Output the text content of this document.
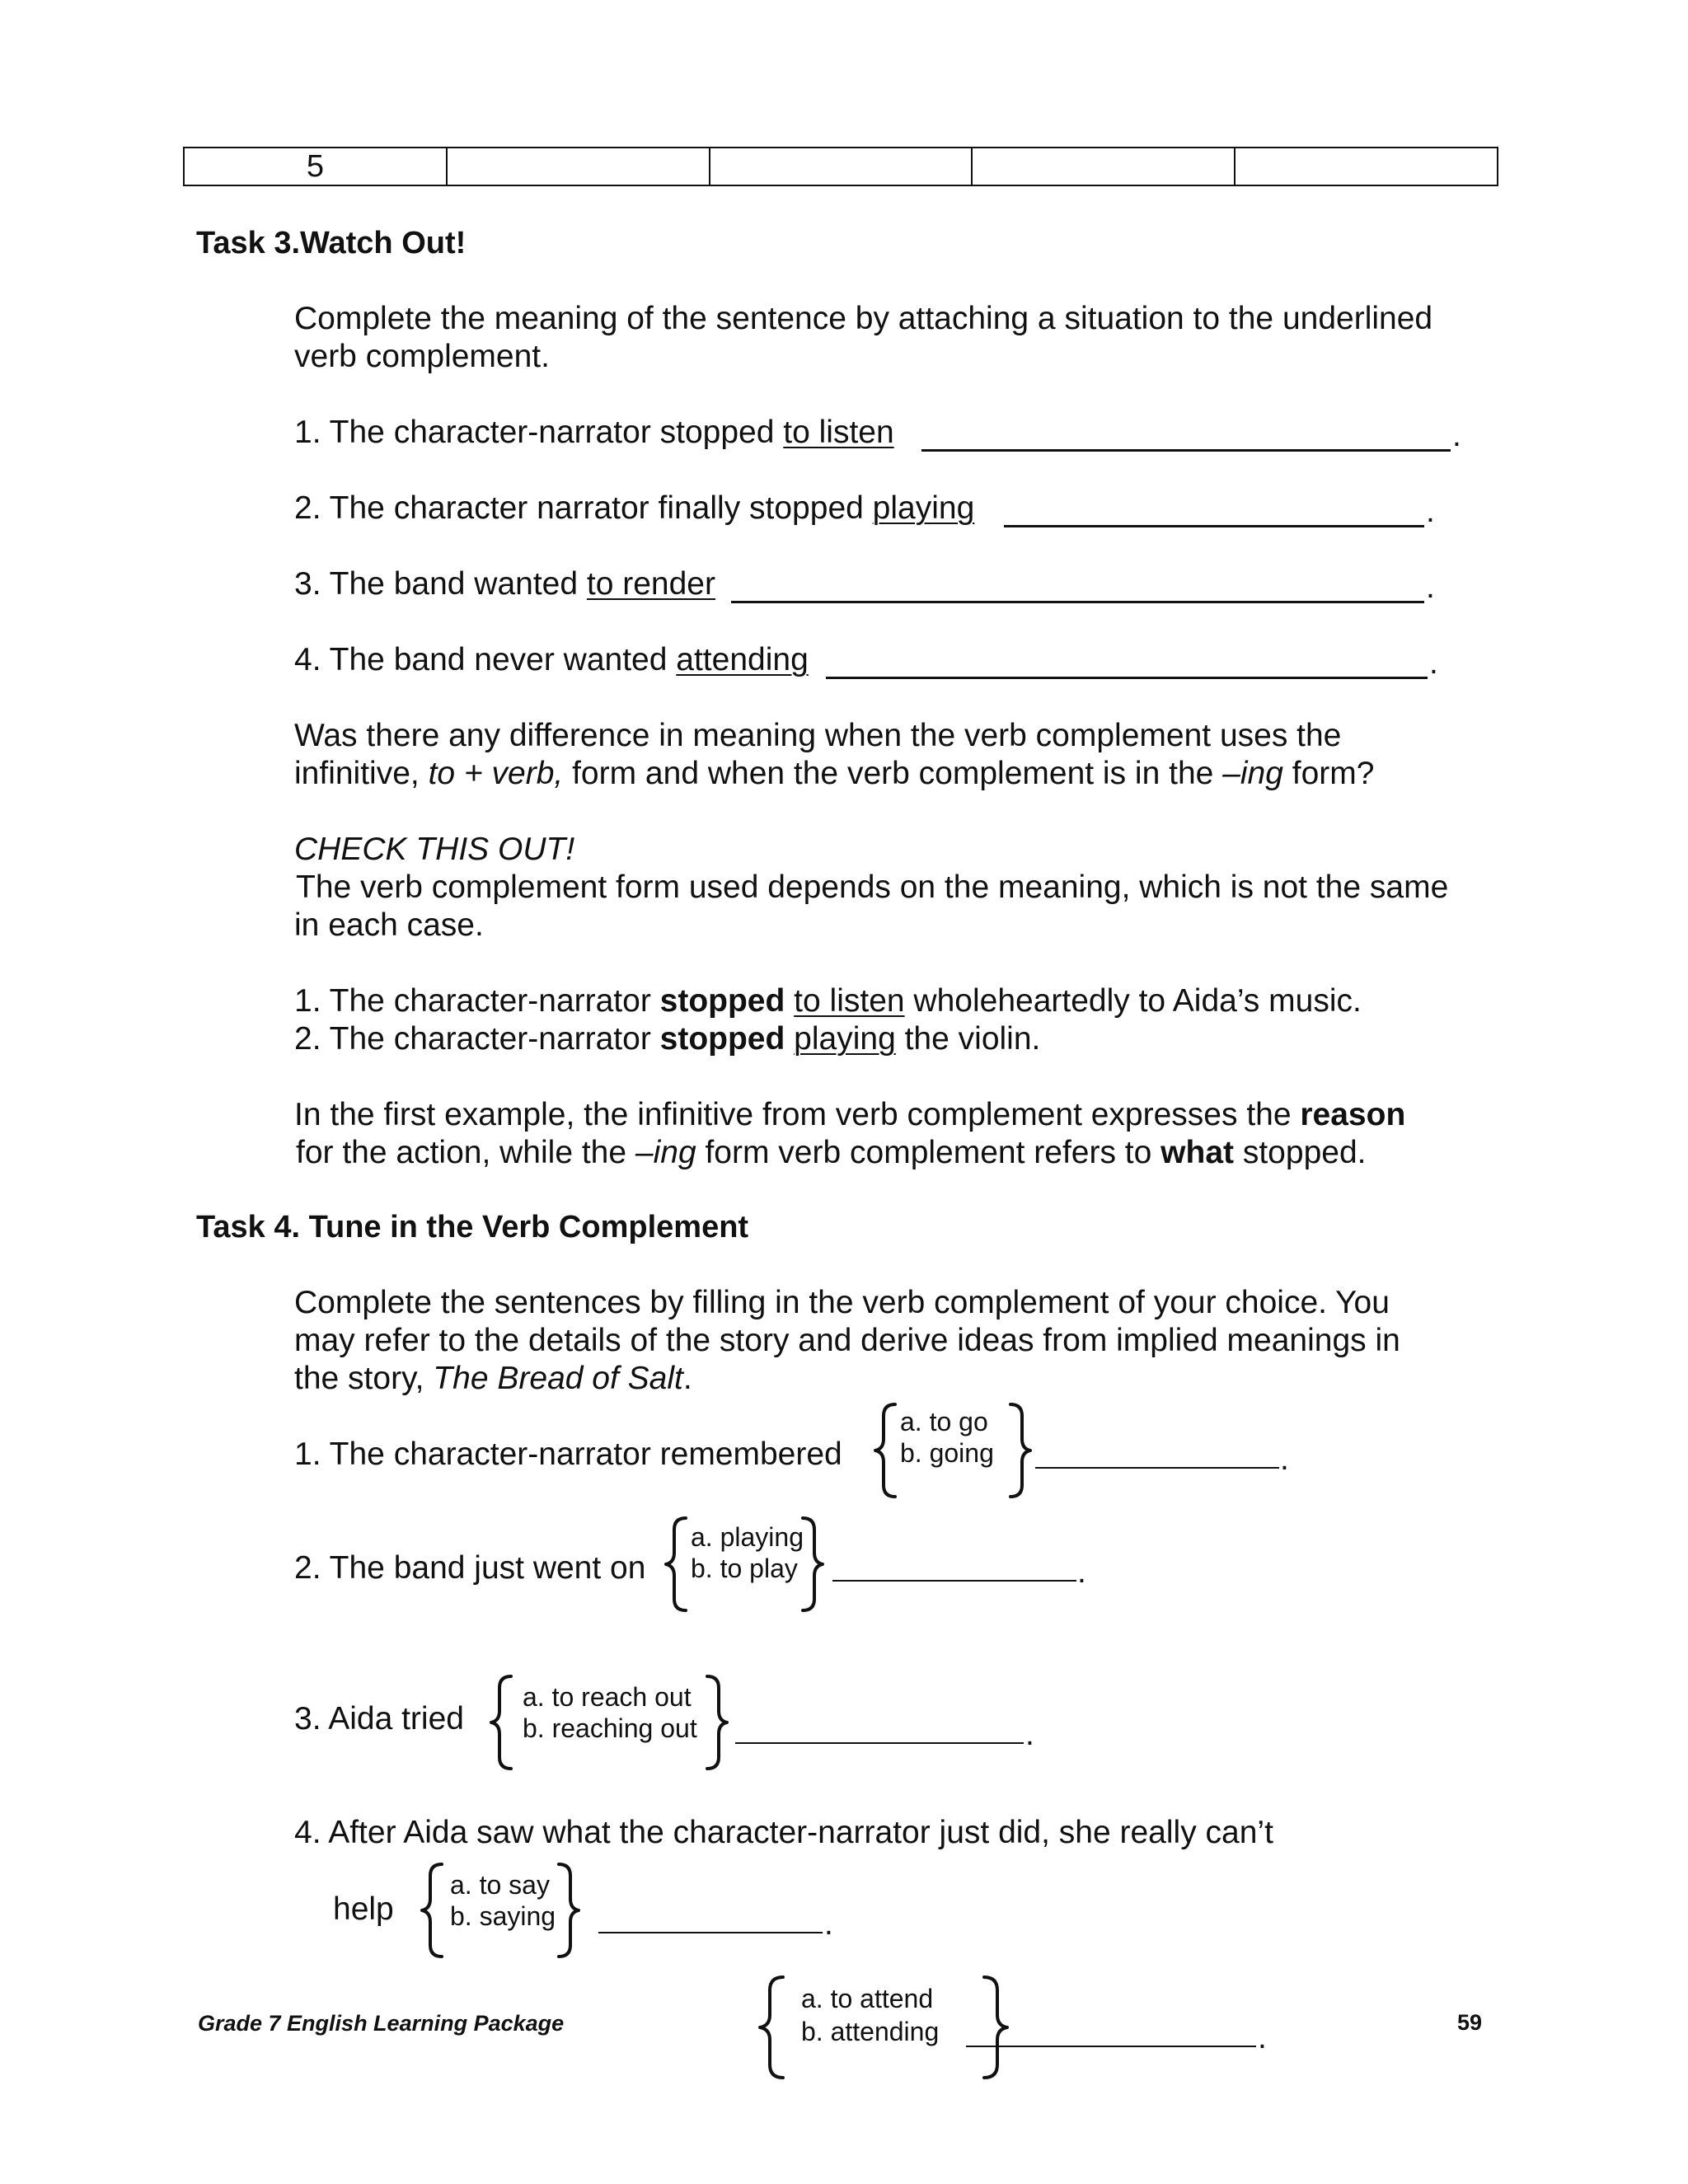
5				
Task 3.Watch Out!
Complete the meaning of the sentence by attaching a situation to the underlined
verb complement.
1. The character-narrator stopped to listen	.
2. The character narrator finally stopped playing	.
3. The band wanted to render	.
4. The band never wanted attending	.
Was there any difference in meaning when the verb complement uses the
infinitive, to + verb, form and when the verb complement is in the –ing form?
CHECK THIS OUT!
The verb complement form used depends on the meaning, which is not the same
in each case.
1. The character-narrator stopped to listen wholeheartedly to Aida’s music.
2. The character-narrator stopped playing the violin.
In the first example, the infinitive from verb complement expresses the reason
for the action, while the –ing form verb complement refers to what stopped.
Task 4. Tune in the Verb Complement
Complete the sentences by filling in the verb complement of your choice. You
may refer to the details of the story and derive ideas from implied meanings in
the story, The Bread of Salt.
1. The character-narrator remembered
a. to go
b. going	.
2. The band just went on
a. playing
b. to play	.
3. Aida tried
a. to reach out
b. reaching out	.
4. After Aida saw what the character-narrator just did, she really can’t
help
a. to say
b. saying	.
Grade 7 English Learning Package
a. to attend
b. attending	.	59
